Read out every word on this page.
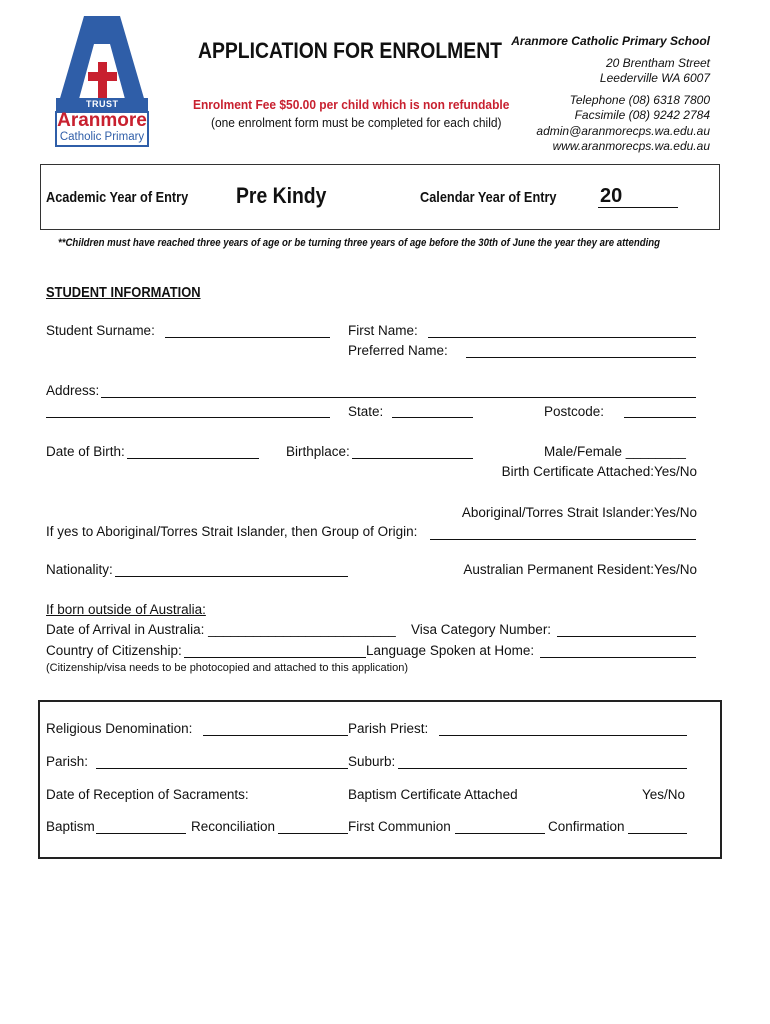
TRUST
Aranmore
Catholic Primary
APPLICATION FOR ENROLMENT
Enrolment Fee $50.00 per child which is non refundable
(one enrolment form must be completed for each child)
Aranmore Catholic Primary School
20 Brentham Street
Leederville WA 6007
Telephone (08) 6318 7800
Facsimile (08) 9242 2784
admin@aranmorecps.wa.edu.au
www.aranmorecps.wa.edu.au
Academic Year of Entry Pre Kindy	Calendar Year of Entry 20
**Children must have reached three years of age or be turning three years of age before the 30th of June the year they are attending
STUDENT INFORMATION
Student Surname:	First Name:
Preferred Name:
Address:
State:	Postcode:
Date of Birth:	Birthplace:	Male/Female ________
Birth Certificate Attached:Yes/No
Aboriginal/Torres Strait Islander:Yes/No
If yes to Aboriginal/Torres Strait Islander, then Group of Origin:
Nationality:	Australian Permanent Resident:Yes/No
If born outside of Australia:
Date of Arrival in Australia: _________________________ Visa Category Number:
Country of Citizenship:	Language Spoken at Home:
(Citizenship/visa needs to be photocopied and attached to this application)
Religious Denomination:	Parish Priest:
Parish:	Suburb:
Date of Reception of Sacraments:	Baptism Certificate Attached	Yes/No
Baptism	Reconciliation	First Communion	Confirmation
